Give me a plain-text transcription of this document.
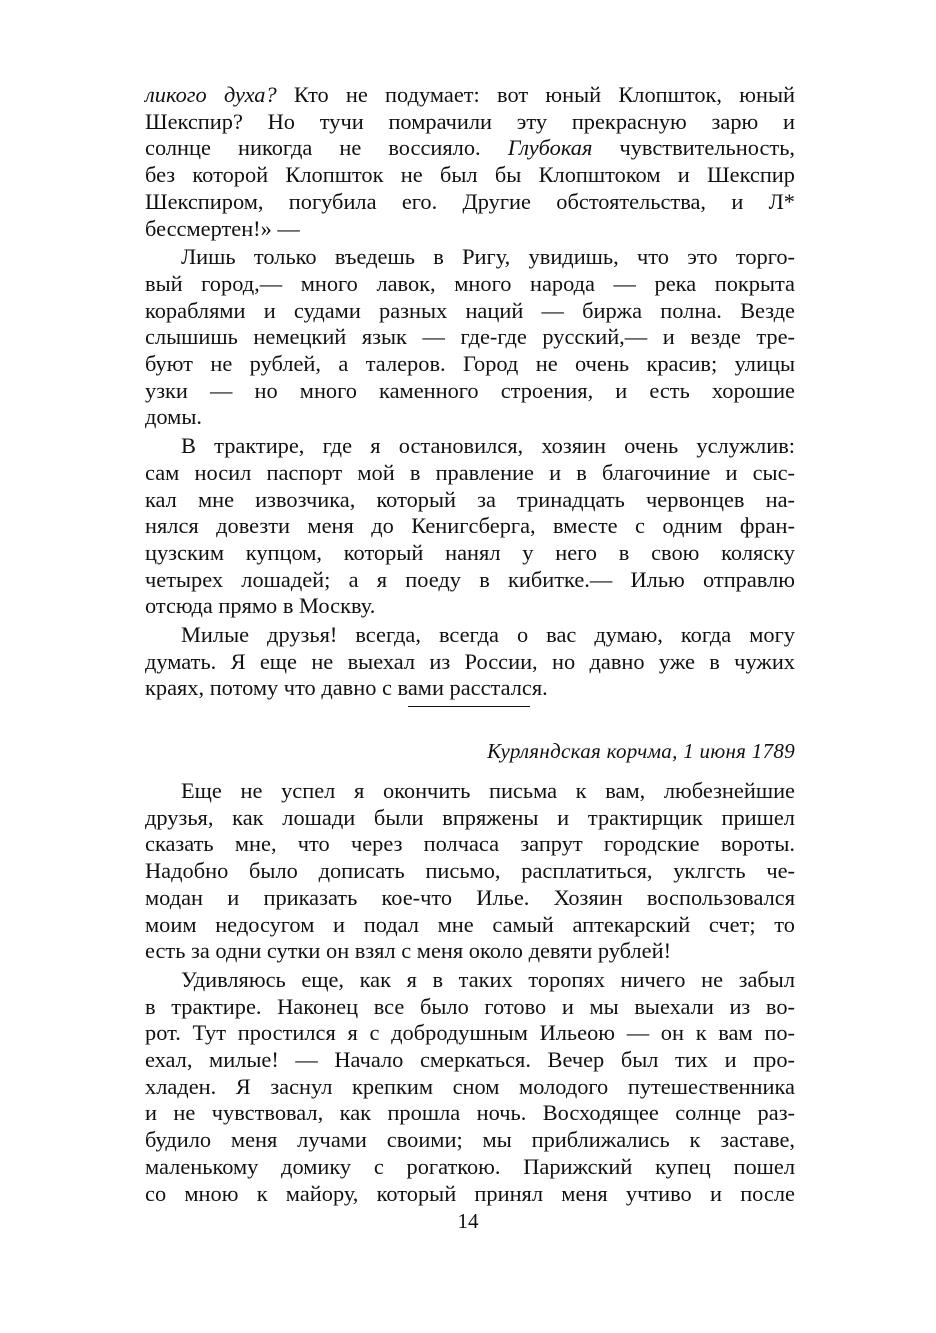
ликого духа? Кто не подумает: вот юный Клопшток, юный
Шекспир? Но тучи помрачили эту прекрасную зарю и
солнце никогда не воссияло. Глубокая чувствительность,
без которой Клопшток не был бы Клопштоком и Шекспир
Шекспиром, погубила его. Другие обстоятельства, и Л*
бессмертен!» —

Лишь только въедешь в Ригу, увидишь, что это торго-
вый город,— много лавок, много народа — река покрыта
кораблями и судами разных наций — биржа полна. Везде
слышишь немецкий язык — где-где русский,— и везде тре-
буют не рублей, а талеров. Город не очень красив; улицы
узки — но много каменного строения, и есть хорошие
домы.

В трактире, где я остановился, хозяин очень услужлив:
сам носил паспорт мой в правление и в благочиние и сыс-
кал мне извозчика, который за тринадцать червонцев на-
нялся довезти меня до Кенигсберга, вместе с одним фран-
цузским купцом, который нанял у него в свою коляску
четырех лошадей; а я поеду в кибитке.— Илью отправлю
отсюда прямо в Москву.

Милые друзья! всегда, всегда о вас думаю, когда могу
думать. Я еще не выехал из России, но давно уже в чужих
краях, потому что давно с вами расстался.

Курляндская корчма, 1 июня 1789

Еще не успел я окончить письма к вам, любезнейшие
друзья, как лошади были впряжены и трактирщик пришел
сказать мне, что через полчаса запрут городские вороты.
Надобно было дописать письмо, расплатиться, уклгсть че-
модан и приказать кое-что Илье. Хозяин воспользовался
моим недосугом и подал мне самый аптекарский счет; то
есть за одни сутки он взял с меня около девяти рублей!

Удивляюсь еще, как я в таких торопях ничего не забыл
в трактире. Наконец все было готово и мы выехали из во-
рот. Тут простился я с добродушным Ильеою — он к вам по-
ехал, милые! — Начало смеркаться. Вечер был тих и про-
хладен. Я заснул крепким сном молодого путешественника
и не чувствовал, как прошла ночь. Восходящее солнце раз-
будило меня лучами своими; мы приближались к заставе,
маленькому домику с рогаткою. Парижский купец пошел
со мною к майору, который принял меня учтиво и после

14
